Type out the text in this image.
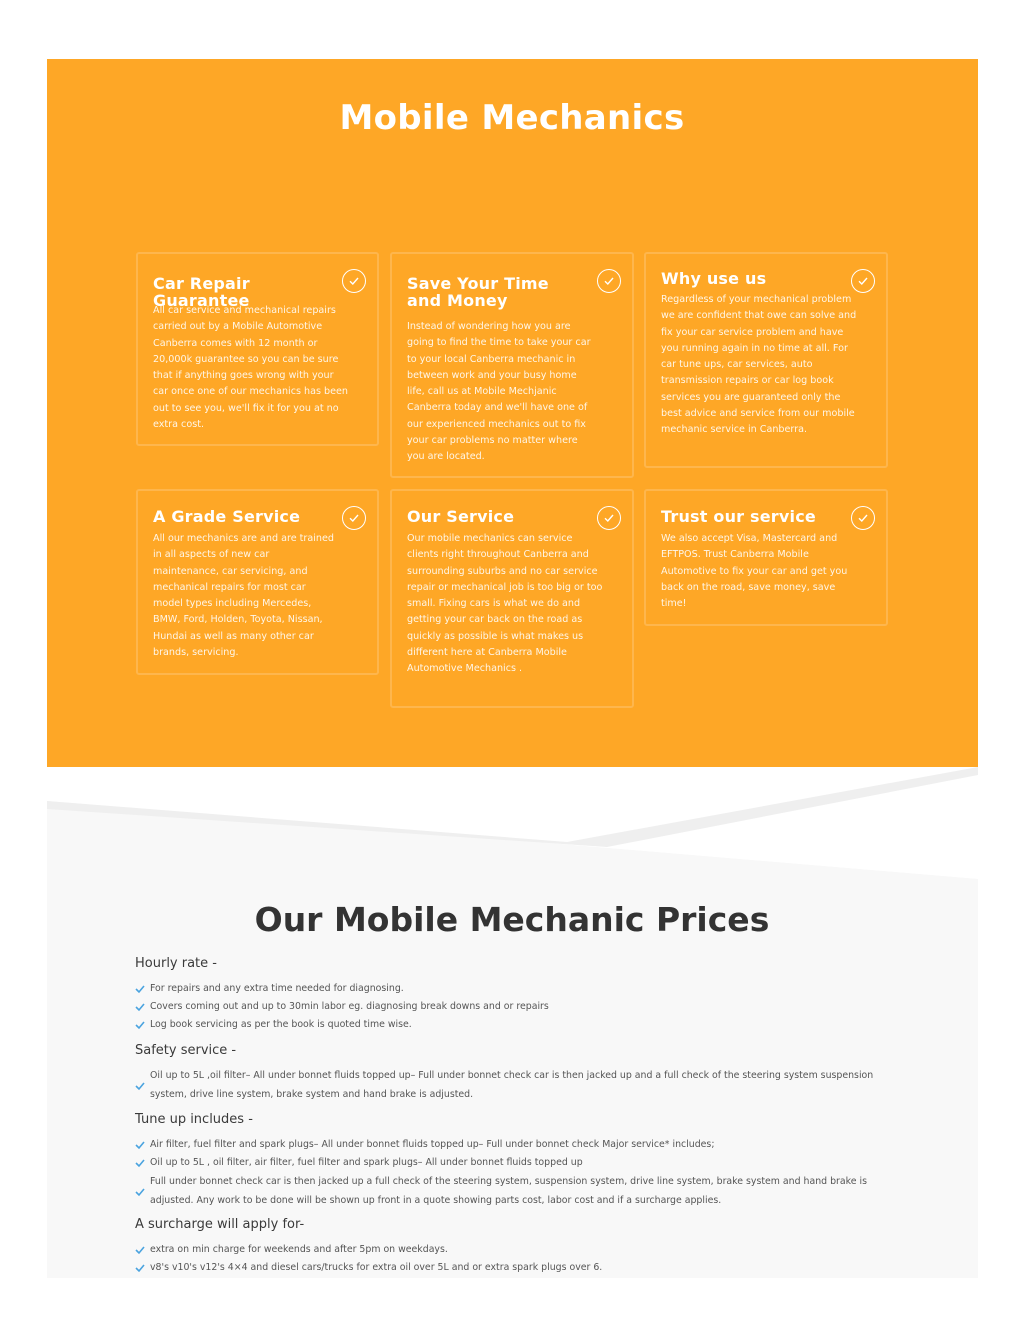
Mobile Mechanics
Car Repair Guarantee
All car service and mechanical repairs carried out by a Mobile Automotive Canberra comes with 12 month or 20,000k guarantee so you can be sure that if anything goes wrong with your car once one of our mechanics has been out to see you, we'll fix it for you at no extra cost.
Save Your Time and Money
Instead of wondering how you are going to find the time to take your car to your local Canberra mechanic in between work and your busy home life, call us at Mobile Mechjanic Canberra today and we'll have one of our experienced mechanics out to fix your car problems no matter where you are located.
Why use us
Regardless of your mechanical problem we are confident that owe can solve and fix your car service problem and have you running again in no time at all. For car tune ups, car services, auto transmission repairs or car log book services you are guaranteed only the best advice and service from our mobile mechanic service in Canberra.
A Grade Service
All our mechanics are and are trained in all aspects of new car maintenance, car servicing, and mechanical repairs for most car model types including Mercedes, BMW, Ford, Holden, Toyota, Nissan, Hundai as well as many other car brands, servicing.
Our Service
Our mobile mechanics can service clients right throughout Canberra and surrounding suburbs and no car service repair or mechanical job is too big or too small. Fixing cars is what we do and getting your car back on the road as quickly as possible is what makes us different here at Canberra Mobile Automotive Mechanics .
Trust our service
We also accept Visa, Mastercard and EFTPOS. Trust Canberra Mobile Automotive to fix your car and get you back on the road, save money, save time!
Our Mobile Mechanic Prices
Hourly rate -
For repairs and any extra time needed for diagnosing.
Covers coming out and up to 30min labor eg. diagnosing break downs and or repairs
Log book servicing as per the book is quoted time wise.
Safety service -
Oil up to 5L ,oil filter– All under bonnet fluids topped up– Full under bonnet check car is then jacked up and a full check of the steering system suspension system, drive line system, brake system and hand brake is adjusted.
Tune up includes -
Air filter, fuel filter and spark plugs– All under bonnet fluids topped up– Full under bonnet check Major service* includes;
Oil up to 5L , oil filter, air filter, fuel filter and spark plugs– All under bonnet fluids topped up
Full under bonnet check car is then jacked up a full check of the steering system, suspension system, drive line system, brake system and hand brake is adjusted. Any work to be done will be shown up front in a quote showing parts cost, labor cost and if a surcharge applies.
A surcharge will apply for-
extra on min charge for weekends and after 5pm on weekdays.
v8's v10's v12's 4×4 and diesel cars/trucks for extra oil over 5L and or extra spark plugs over 6.
